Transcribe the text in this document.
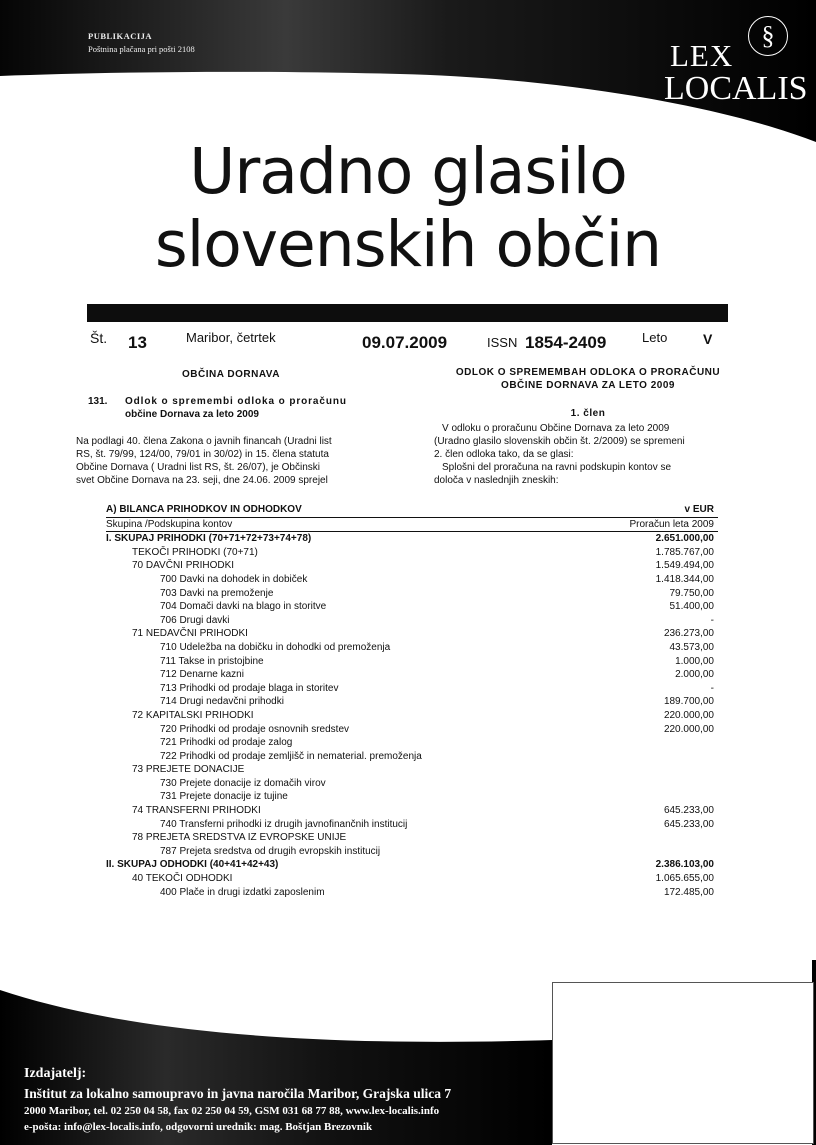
PUBLIKACIJA
Poštnina plačana pri pošti 2108	§
LEX
LOCALIS
Uradno glasilo
slovenskih občin
Št. 13	Maribor, četrtek	09.07.2009	ISSN 1854-2409	Leto	V
OBČINA DORNAVA
131. Odlok o spremembi odloka o proračunu
občine Dornava za leto 2009
Na podlagi 40. člena Zakona o javnih financah (Uradni list
RS, št. 79/99, 124/00, 79/01 in 30/02) in 15. člena statuta
Občine Dornava ( Uradni list RS, št. 26/07), je Občinski
svet Občine Dornava na 23. seji, dne 24.06. 2009 sprejel
ODLOK O SPREMEMBAH ODLOKA O PRORAČUNU
OBČINE DORNAVA ZA LETO 2009
1. člen
V odloku o proračunu Občine Dornava za leto 2009
(Uradno glasilo slovenskih občin št. 2/2009) se spremeni
2. člen odloka tako, da se glasi:
Splošni del proračuna na ravni podskupin kontov se
določa v naslednjih zneskih:
A) BILANCA PRIHODKOV IN ODHODKOV	v EUR
Skupina /Podskupina kontov	Proračun leta 2009
I. SKUPAJ PRIHODKI (70+71+72+73+74+78)	2.651.000,00
TEKOČI PRIHODKI (70+71)	1.785.767,00
70 DAVČNI PRIHODKI	1.549.494,00
700 Davki na dohodek in dobiček	1.418.344,00
703 Davki na premoženje	79.750,00
704 Domači davki na blago in storitve	51.400,00
706 Drugi davki	-
71 NEDAVČNI PRIHODKI	236.273,00
710 Udeležba na dobičku in dohodki od premoženja	43.573,00
711 Takse in pristojbine	1.000,00
712 Denarne kazni	2.000,00
713 Prihodki od prodaje blaga in storitev	-
714 Drugi nedavčni prihodki	189.700,00
72 KAPITALSKI PRIHODKI	220.000,00
720 Prihodki od prodaje osnovnih sredstev	220.000,00
721 Prihodki od prodaje zalog
722 Prihodki od prodaje zemljišč in nematerial. premoženja
73 PREJETE DONACIJE
730 Prejete donacije iz domačih virov
731 Prejete donacije iz tujine
74 TRANSFERNI PRIHODKI	645.233,00
740 Transferni prihodki iz drugih javnofinančnih institucij	645.233,00
78 PREJETA SREDSTVA IZ EVROPSKE UNIJE
787 Prejeta sredstva od drugih evropskih institucij
II. SKUPAJ ODHODKI (40+41+42+43)	2.386.103,00
40 TEKOČI ODHODKI	1.065.655,00
400 Plače in drugi izdatki zaposlenim	172.485,00
Izdajatelj:
Inštitut za lokalno samoupravo in javna naročila Maribor, Grajska ulica 7
2000 Maribor, tel. 02 250 04 58, fax 02 250 04 59, GSM 031 68 77 88, www.lex-localis.info
e-pošta: info@lex-localis.info, odgovorni urednik: mag. Boštjan Brezovnik
